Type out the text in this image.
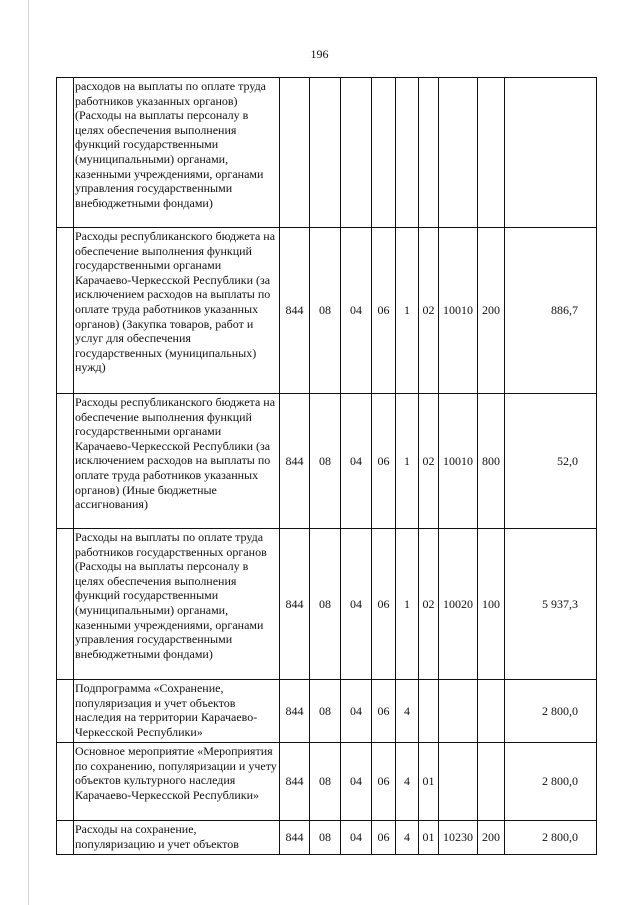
196
	расходов на выплаты по оплате труда работников указанных органов) (Расходы на выплаты персоналу в целях обеспечения выполнения функций государственными (муниципальными) органами, казенными учреждениями, органами управления государственными внебюджетными фондами)									
	Расходы республиканского бюджета на обеспечение выполнения функций государственными органами Карачаево-Черкесской Республики (за исключением расходов на выплаты по оплате труда работников указанных органов) (Закупка товаров, работ и услуг для обеспечения государственных (муниципальных) нужд)	844	08	04	06	1	02	10010	200	886,7
	Расходы республиканского бюджета на обеспечение выполнения функций государственными органами Карачаево-Черкесской Республики (за исключением расходов на выплаты по оплате труда работников указанных органов) (Иные бюджетные ассигнования)	844	08	04	06	1	02	10010	800	52,0
	Расходы на выплаты по оплате труда работников государственных органов (Расходы на выплаты персоналу в целях обеспечения выполнения функций государственными (муниципальными) органами, казенными учреждениями, органами управления государственными внебюджетными фондами)	844	08	04	06	1	02	10020	100	5 937,3
	Подпрограмма «Сохранение, популяризация и учет объектов наследия на территории Карачаево-Черкесской Республики»	844	08	04	06	4				2 800,0
	Основное мероприятие «Мероприятия по сохранению, популяризации и учету объектов культурного наследия Карачаево-Черкесской Республики»	844	08	04	06	4	01			2 800,0
	Расходы на сохранение, популяризацию и учет объектов	844	08	04	06	4	01	10230	200	2 800,0
